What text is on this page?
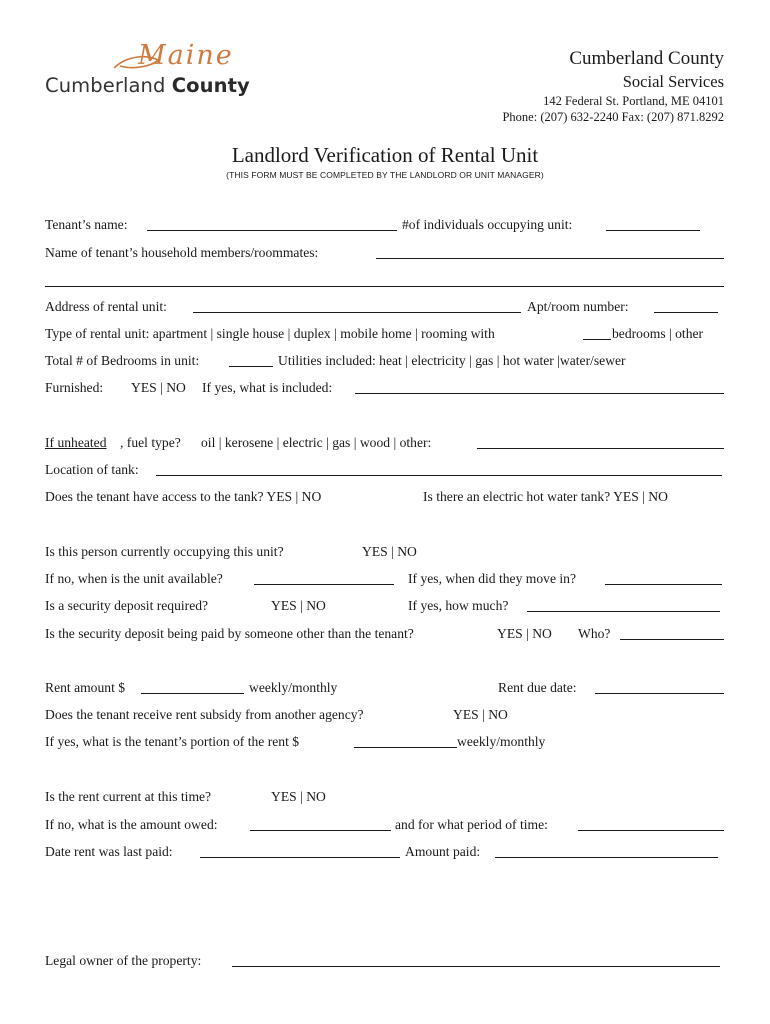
Maine
Cumberland County
Cumberland County
Social Services
142 Federal St. Portland, ME 04101
Phone: (207) 632-2240 Fax: (207) 871.8292
Landlord Verification of Rental Unit
(THIS FORM MUST BE COMPLETED BY THE LANDLORD OR UNIT MANAGER)
Tenant’s name:	#of individuals occupying unit:
Name of tenant’s household members/roommates:
Address of rental unit:	Apt/room number:
Type of rental unit: apartment | single house | duplex | mobile home | rooming with	bedrooms | other
Total # of Bedrooms in unit:	Utilities included: heat | electricity | gas | hot water |water/sewer
Furnished: YES | NO If yes, what is included:
If unheated , fuel type? oil | kerosene | electric | gas | wood | other:
Location of tank:
Does the tenant have access to the tank? YES | NO	Is there an electric hot water tank? YES | NO
Is this person currently occupying this unit?	YES | NO
If no, when is the unit available?	If yes, when did they move in?
Is a security deposit required?	YES | NO	If yes, how much?
Is the security deposit being paid by someone other than the tenant?	YES | NO Who?
Rent amount $	weekly/monthly	Rent due date:
Does the tenant receive rent subsidy from another agency?	YES | NO
If yes, what is the tenant’s portion of the rent $	weekly/monthly
Is the rent current at this time?	YES | NO
If no, what is the amount owed:	and for what period of time:
Date rent was last paid:	Amount paid:
Legal owner of the property:
